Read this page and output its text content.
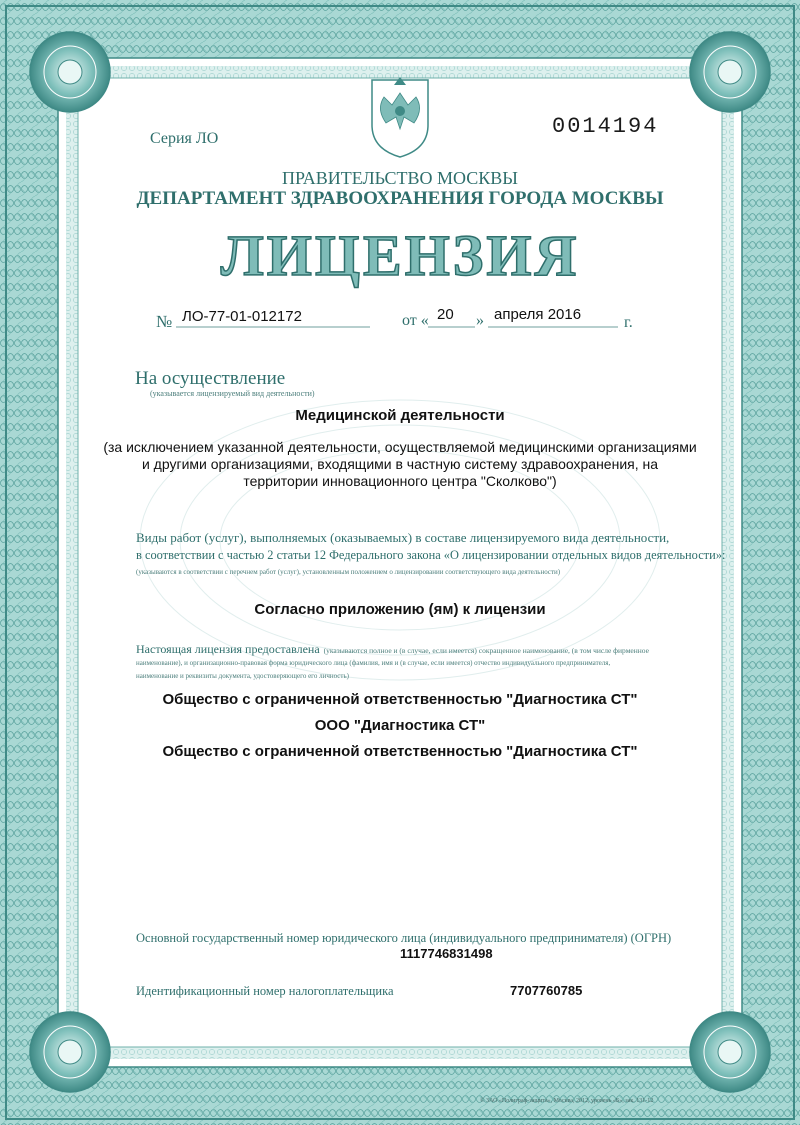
Серия ЛО	0014194
ПРАВИТЕЛЬСТВО МОСКВЫ
ДЕПАРТАМЕНТ ЗДРАВООХРАНЕНИЯ ГОРОДА МОСКВЫ
ЛИЦЕНЗИЯ
№ ЛО-77-01-012172	от « 20 » апреля 2016	г.
На осуществление
(указывается лицензируемый вид деятельности)
Медицинской деятельности
(за исключением указанной деятельности, осуществляемой медицинскими организациями
и другими организациями, входящими в частную систему здравоохранения, на
территории инновационного центра "Сколково")
Виды работ (услуг), выполняемых (оказываемых) в составе лицензируемого вида деятельности,
в соответствии с частью 2 статьи 12 Федерального закона «О лицензировании отдельных видов деятельности»:
(указываются в соответствии с перечнем работ (услуг), установленным положением о лицензировании соответствующего вида деятельности)
Согласно приложению (ям) к лицензии
Настоящая лицензия предоставлена (указываются полное и (в случае, если имеется) сокращенное наименование, (в том числе фирменное
наименование), и организационно-правовая форма юридического лица (фамилия, имя и (в случае, если имеется) отчество индивидуального предпринимателя,
наименование и реквизиты документа, удостоверяющего его личность)
Общество с ограниченной ответственностью "Диагностика СТ"
ООО "Диагностика СТ"
Общество с ограниченной ответственностью "Диагностика СТ"
Основной государственный номер юридического лица (индивидуального предпринимателя) (ОГРН)
1117746831498
Идентификационный номер налогоплательщика	7707760785
© ЗАО «Полиграф-защита», Москва, 2012, уровень «Б», зак. 131-12
